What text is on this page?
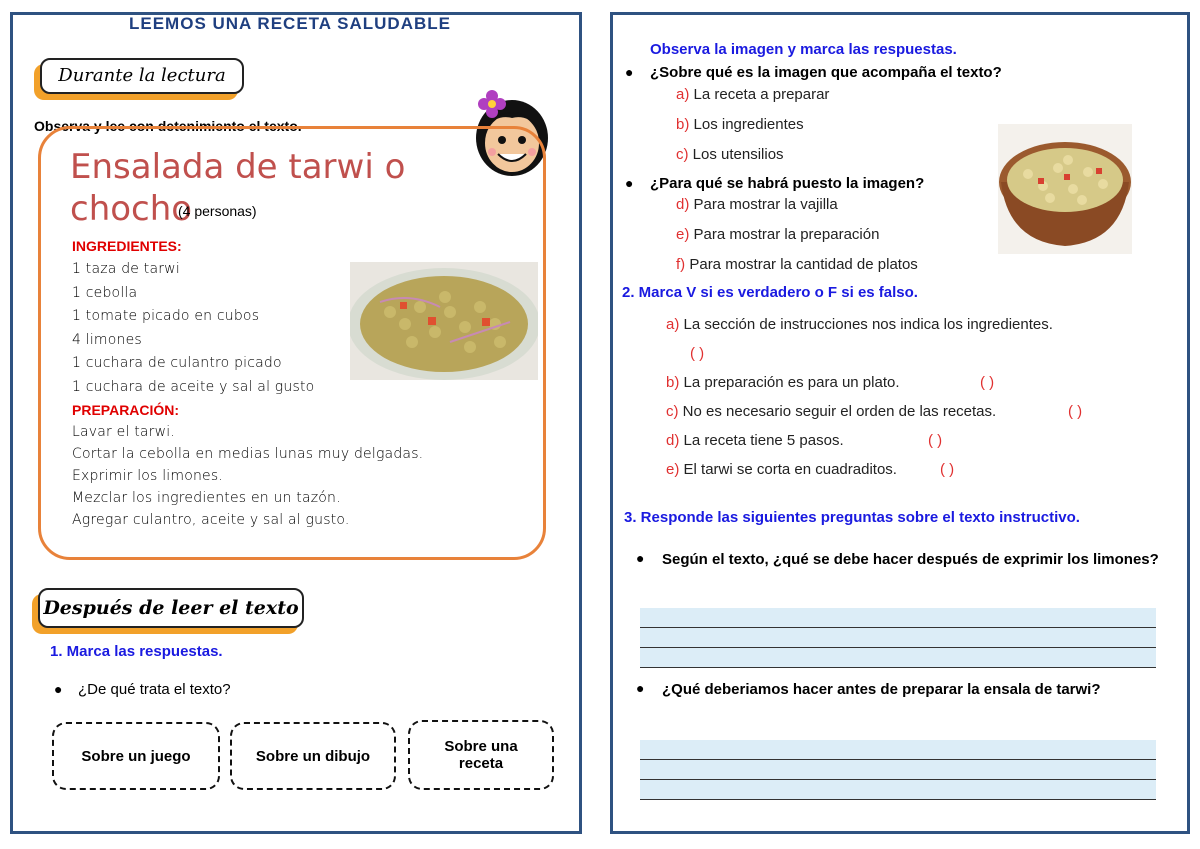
LEEMOS UNA RECETA SALUDABLE
Durante la lectura
Observa y lee con detenimiento el texto.
Ensalada de tarwi o chocho
(4 personas)
INGREDIENTES:
1 taza de tarwi
1 cebolla
1 tomate picado en cubos
4 limones
1 cuchara de culantro picado
1 cuchara de aceite y sal al gusto
PREPARACIÓN:
Lavar el tarwi.
Cortar la cebolla en medias lunas muy delgadas.
Exprimir los limones.
Mezclar los ingredientes en un tazón.
Agregar culantro, aceite y sal al gusto.
Después de leer el texto
1. Marca las respuestas.
● ¿De qué trata el texto?
Sobre un juego	Sobre un dibujo
Sobre una receta
Observa la imagen y marca las respuestas.
● ¿Sobre qué es la imagen que acompaña el texto?
a) La receta a preparar
b) Los ingredientes
c) Los utensilios
● ¿Para qué se habrá puesto la imagen?
d) Para mostrar la vajilla
e) Para mostrar la preparación
f) Para mostrar la cantidad de platos
2. Marca V si es verdadero o F si es falso.
a) La sección de instrucciones nos indica los ingredientes.
( )
b) La preparación es para un plato.	( )
c) No es necesario seguir el orden de las recetas.	( )
d) La receta tiene 5 pasos.	( )
e) El tarwi se corta en cuadraditos.	( )
3. Responde las siguientes preguntas sobre el texto instructivo.
● Según el texto, ¿qué se debe hacer después de exprimir los limones?
● ¿Qué deberiamos hacer antes de preparar la ensala de tarwi?
